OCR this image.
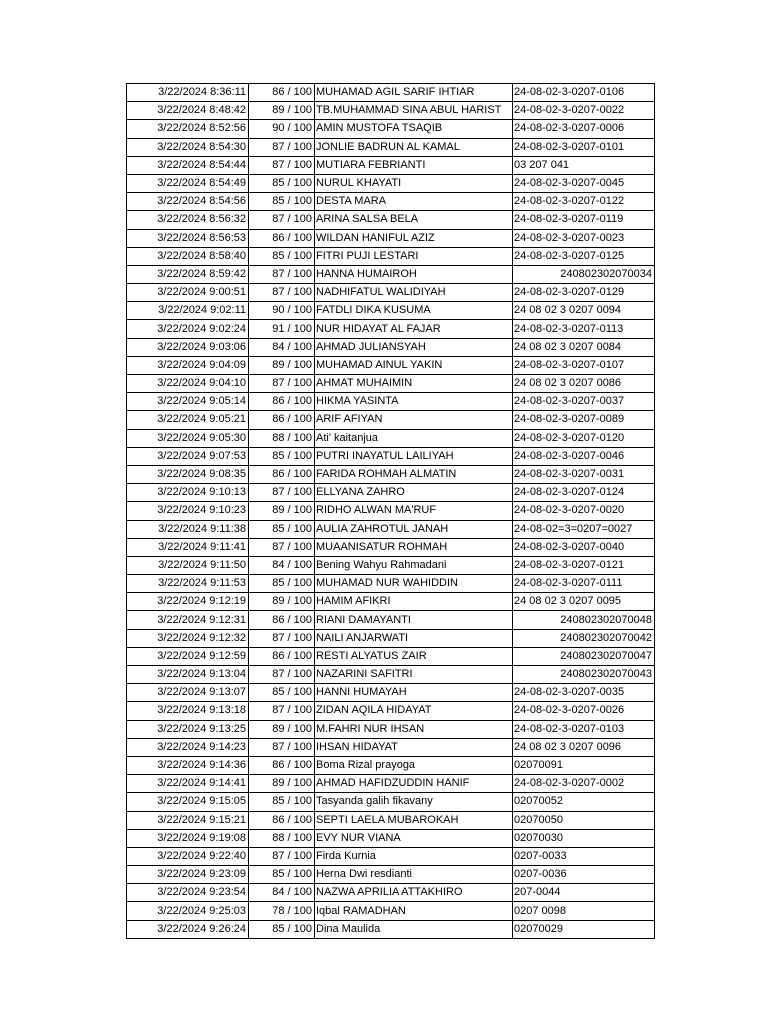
3/22/2024 8:36:11	86 / 100	MUHAMAD AGIL SARIF IHTIAR	24-08-02-3-0207-0106
3/22/2024 8:48:42	89 / 100	TB.MUHAMMAD SINA ABUL HARIST	24-08-02-3-0207-0022
3/22/2024 8:52:56	90 / 100	AMIN MUSTOFA TSAQIB	24-08-02-3-0207-0006
3/22/2024 8:54:30	87 / 100	JONLIE BADRUN AL KAMAL	24-08-02-3-0207-0101
3/22/2024 8:54:44	87 / 100	MUTIARA FEBRIANTI	03 207 041
3/22/2024 8:54:49	85 / 100	NURUL KHAYATI	24-08-02-3-0207-0045
3/22/2024 8:54:56	85 / 100	DESTA MARA	24-08-02-3-0207-0122
3/22/2024 8:56:32	87 / 100	ARINA SALSA BELA	24-08-02-3-0207-0119
3/22/2024 8:56:53	86 / 100	WILDAN HANIFUL AZIZ	24-08-02-3-0207-0023
3/22/2024 8:58:40	85 / 100	FITRI PUJI LESTARI	24-08-02-3-0207-0125
3/22/2024 8:59:42	87 / 100	HANNA HUMAIROH	240802302070034
3/22/2024 9:00:51	87 / 100	NADHIFATUL WALIDIYAH	24-08-02-3-0207-0129
3/22/2024 9:02:11	90 / 100	FATDLI DIKA KUSUMA	24 08 02 3 0207 0094
3/22/2024 9:02:24	91 / 100	NUR HIDAYAT AL FAJAR	24-08-02-3-0207-0113
3/22/2024 9:03:06	84 / 100	AHMAD JULIANSYAH	24 08 02 3 0207 0084
3/22/2024 9:04:09	89 / 100	MUHAMAD AINUL YAKIN	24-08-02-3-0207-0107
3/22/2024 9:04:10	87 / 100	AHMAT MUHAIMIN	24 08 02 3 0207 0086
3/22/2024 9:05:14	86 / 100	HIKMA YASINTA	24-08-02-3-0207-0037
3/22/2024 9:05:21	86 / 100	ARIF AFIYAN	24-08-02-3-0207-0089
3/22/2024 9:05:30	88 / 100	Ati' kaitanjua	24-08-02-3-0207-0120
3/22/2024 9:07:53	85 / 100	PUTRI INAYATUL LAILIYAH	24-08-02-3-0207-0046
3/22/2024 9:08:35	86 / 100	FARIDA ROHMAH ALMATIN	24-08-02-3-0207-0031
3/22/2024 9:10:13	87 / 100	ELLYANA ZAHRO	24-08-02-3-0207-0124
3/22/2024 9:10:23	89 / 100	RIDHO ALWAN MA'RUF	24-08-02-3-0207-0020
3/22/2024 9:11:38	85 / 100	AULIA ZAHROTUL JANAH	24-08-02=3=0207=0027
3/22/2024 9:11:41	87 / 100	MUAANISATUR ROHMAH	24-08-02-3-0207-0040
3/22/2024 9:11:50	84 / 100	Bening Wahyu Rahmadani	24-08-02-3-0207-0121
3/22/2024 9:11:53	85 / 100	MUHAMAD NUR WAHIDDIN	24-08-02-3-0207-0111
3/22/2024 9:12:19	89 / 100	HAMIM AFIKRI	24 08 02 3 0207 0095
3/22/2024 9:12:31	86 / 100	RIANI DAMAYANTI	240802302070048
3/22/2024 9:12:32	87 / 100	NAILI ANJARWATI	240802302070042
3/22/2024 9:12:59	86 / 100	RESTI ALYATUS ZAIR	240802302070047
3/22/2024 9:13:04	87 / 100	NAZARINI SAFITRI	240802302070043
3/22/2024 9:13:07	85 / 100	HANNI HUMAYAH	24-08-02-3-0207-0035
3/22/2024 9:13:18	87 / 100	ZIDAN AQILA HIDAYAT	24-08-02-3-0207-0026
3/22/2024 9:13:25	89 / 100	M.FAHRI NUR IHSAN	24-08-02-3-0207-0103
3/22/2024 9:14:23	87 / 100	IHSAN HIDAYAT	24 08 02 3 0207 0096
3/22/2024 9:14:36	86 / 100	Boma Rizal prayoga	02070091
3/22/2024 9:14:41	89 / 100	AHMAD HAFIDZUDDIN HANIF	24-08-02-3-0207-0002
3/22/2024 9:15:05	85 / 100	Tasyanda galih fikavany	02070052
3/22/2024 9:15:21	86 / 100	SEPTI LAELA MUBAROKAH	02070050
3/22/2024 9:19:08	88 / 100	EVY NUR VIANA	02070030
3/22/2024 9:22:40	87 / 100	Firda Kurnia	0207-0033
3/22/2024 9:23:09	85 / 100	Herna Dwi resdianti	0207-0036
3/22/2024 9:23:54	84 / 100	NAZWA APRILIA ATTAKHIRO	207-0044
3/22/2024 9:25:03	78 / 100	Iqbal RAMADHAN	0207 0098
3/22/2024 9:26:24	85 / 100	Dina Maulida	02070029
